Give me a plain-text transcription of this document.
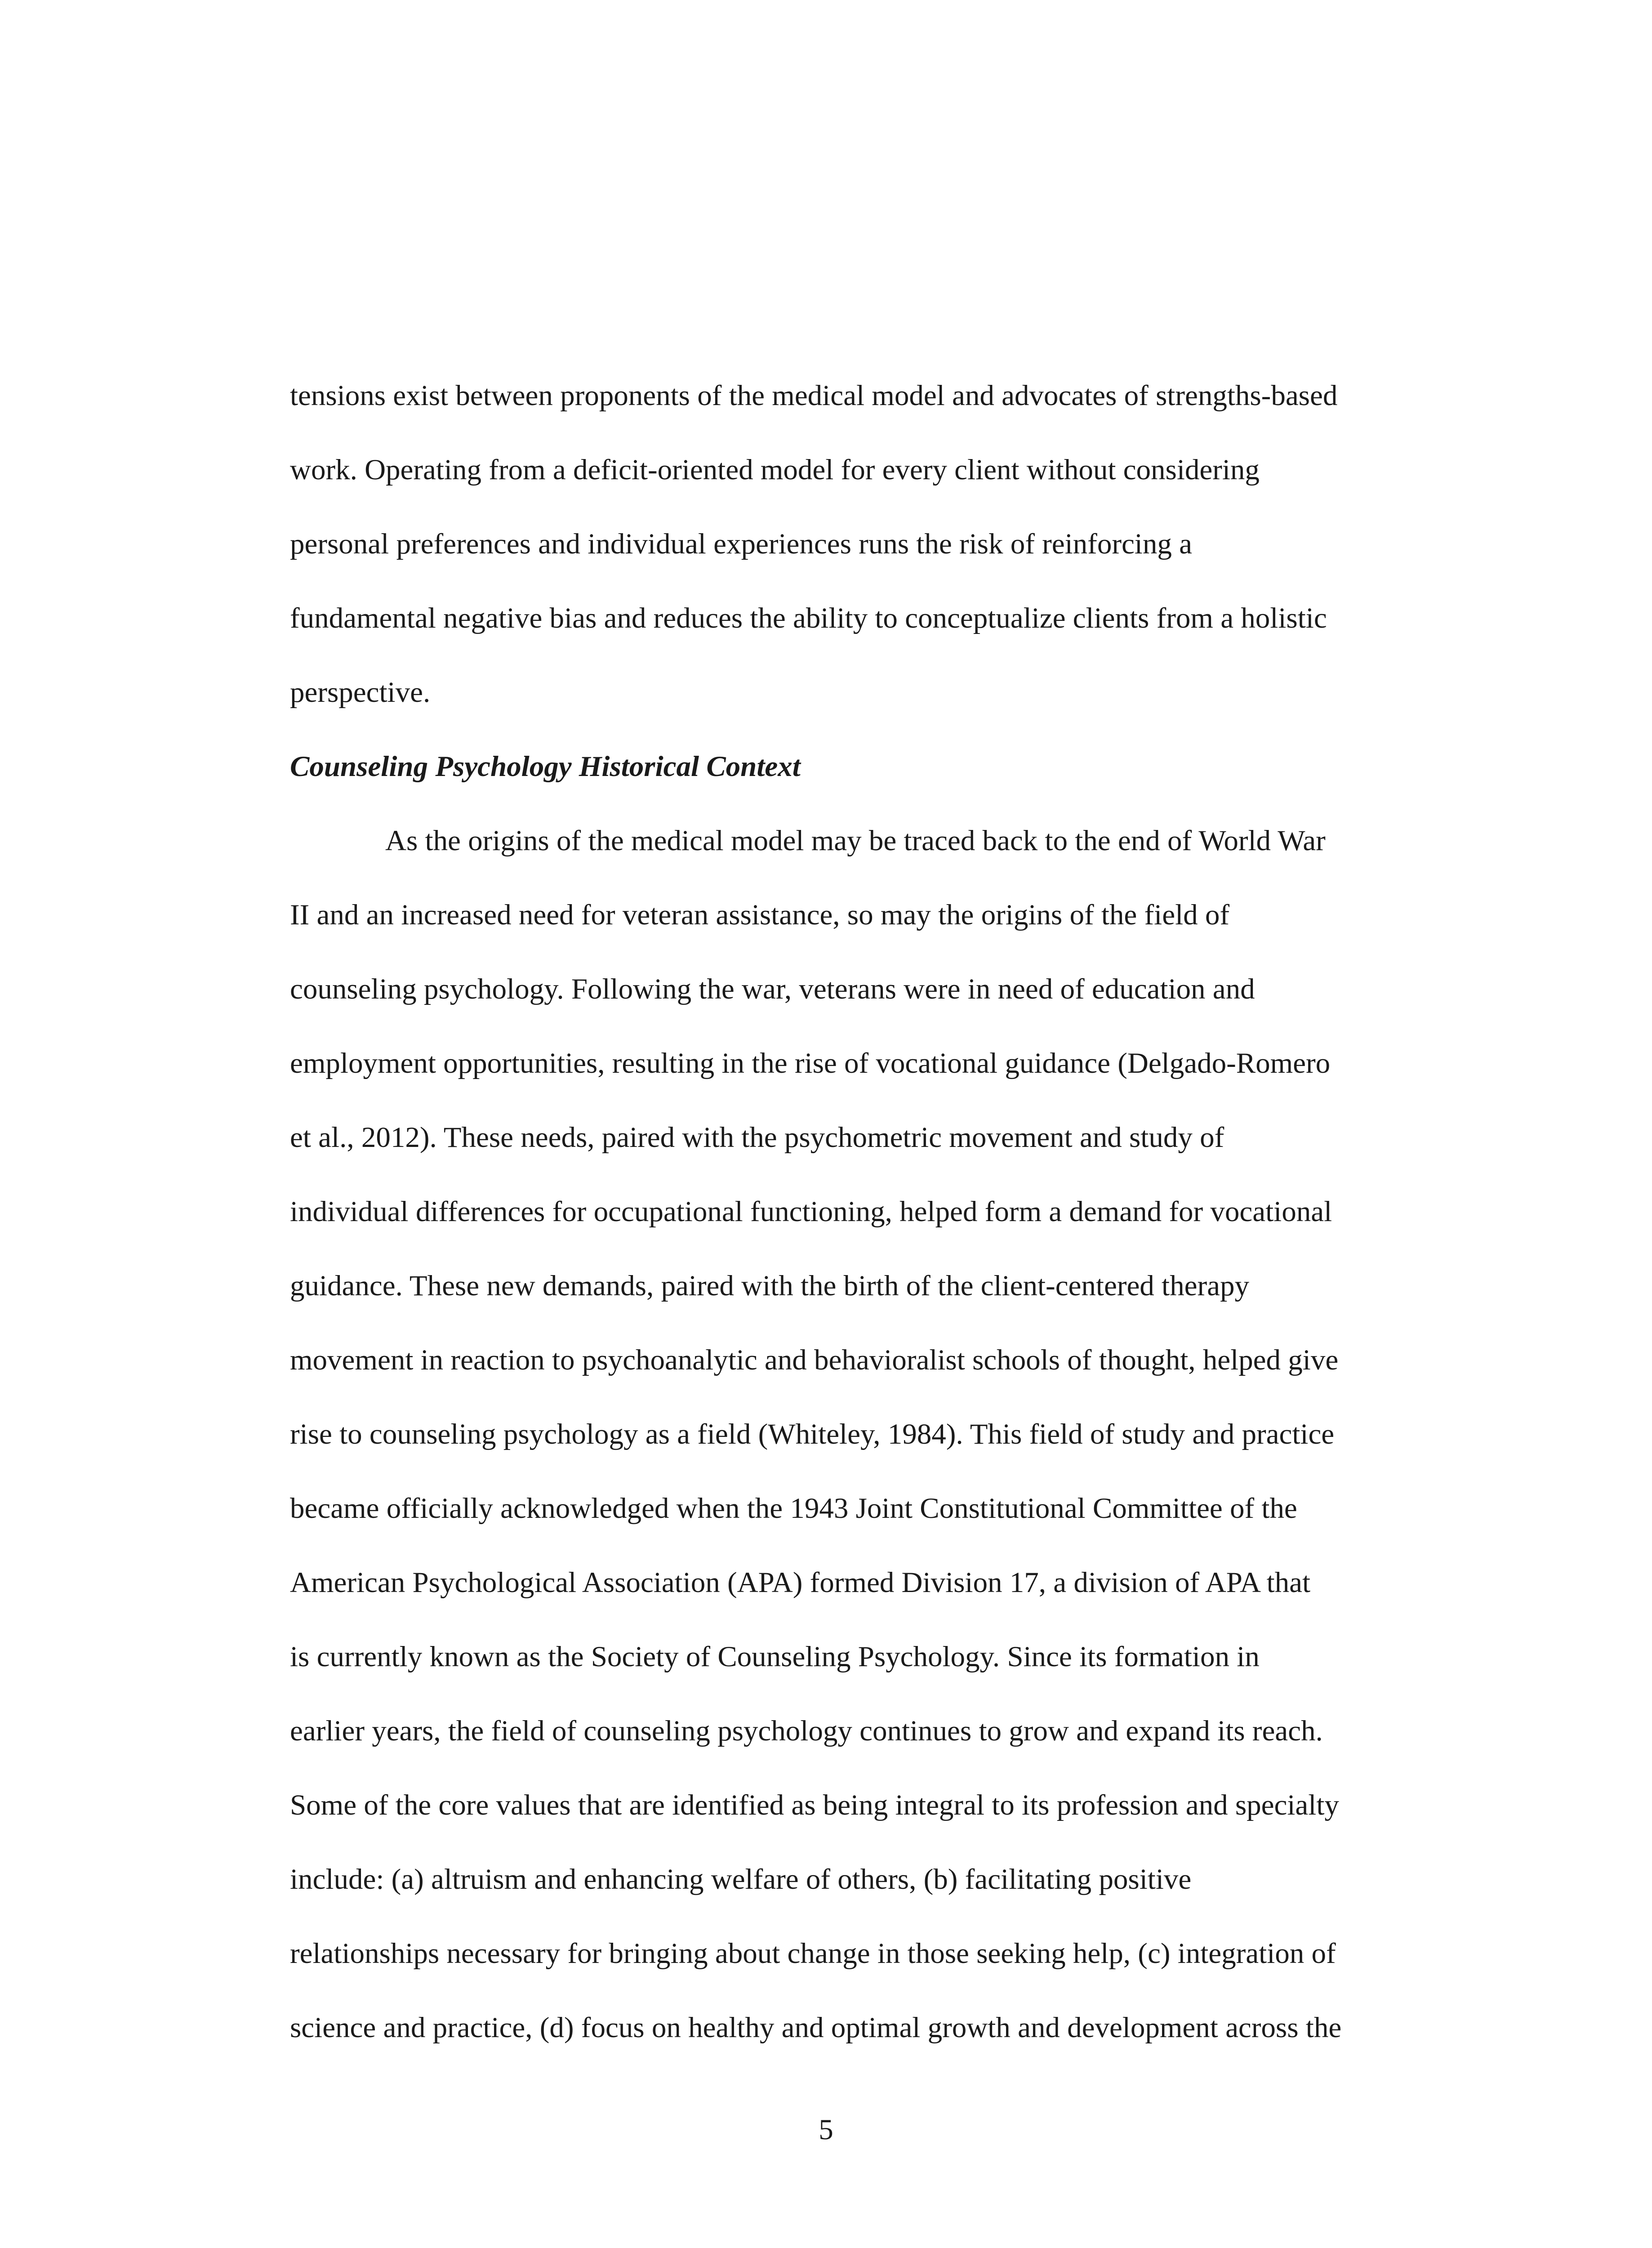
tensions exist between proponents of the medical model and advocates of strengths-based
work. Operating from a deficit-oriented model for every client without considering
personal preferences and individual experiences runs the risk of reinforcing a
fundamental negative bias and reduces the ability to conceptualize clients from a holistic
perspective.
Counseling Psychology Historical Context
As the origins of the medical model may be traced back to the end of World War
II and an increased need for veteran assistance, so may the origins of the field of
counseling psychology. Following the war, veterans were in need of education and
employment opportunities, resulting in the rise of vocational guidance (Delgado-Romero
et al., 2012). These needs, paired with the psychometric movement and study of
individual differences for occupational functioning, helped form a demand for vocational
guidance. These new demands, paired with the birth of the client-centered therapy
movement in reaction to psychoanalytic and behavioralist schools of thought, helped give
rise to counseling psychology as a field (Whiteley, 1984). This field of study and practice
became officially acknowledged when the 1943 Joint Constitutional Committee of the
American Psychological Association (APA) formed Division 17, a division of APA that
is currently known as the Society of Counseling Psychology. Since its formation in
earlier years, the field of counseling psychology continues to grow and expand its reach.
Some of the core values that are identified as being integral to its profession and specialty
include: (a) altruism and enhancing welfare of others, (b) facilitating positive
relationships necessary for bringing about change in those seeking help, (c) integration of
science and practice, (d) focus on healthy and optimal growth and development across the
5
